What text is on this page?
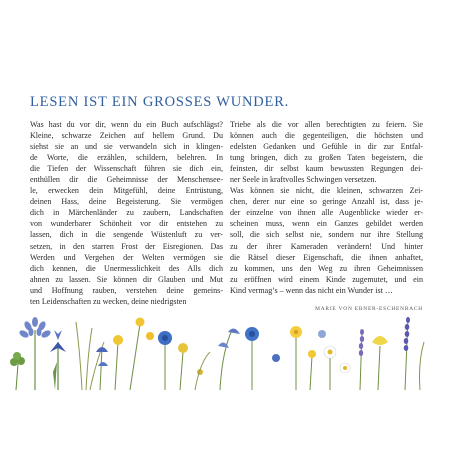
LESEN IST EIN GROSSES WUNDER.

Was hast du vor dir, wenn du ein Buch aufschlägst?
Kleine, schwarze Zeichen auf hellem Grund. Du
siehst sie an und sie verwandeln sich in klingen-
de Worte, die erzählen, schildern, belehren. In
die Tiefen der Wissenschaft führen sie dich ein,
enthüllen dir die Geheimnisse der Menschensee-
le, erwecken dein Mitgefühl, deine Entrüstung,
deinen Hass, deine Begeisterung. Sie vermögen
dich in Märchenländer zu zaubern, Landschaften
von wunderbarer Schönheit vor dir entstehen zu
lassen, dich in die sengende Wüstenluft zu ver-
setzen, in den starren Frost der Eisregionen. Das
Werden und Vergehen der Welten vermögen sie
dich kennen, die Unermesslichkeit des Alls dich
ahnen zu lassen. Sie können dir Glauben und Mut
und Hoffnung rauben, verstehen deine gemeins-
ten Leidenschaften zu wecken, deine niedrigsten

Triebe als die vor allen berechtigten zu feiern. Sie
können auch die gegenteiligen, die höchsten und
edelsten Gedanken und Gefühle in dir zur Entfal-
tung bringen, dich zu großen Taten begeistern, die
feinsten, dir selbst kaum bewussten Regungen dei-
ner Seele in kraftvolles Schwingen versetzen.
Was können sie nicht, die kleinen, schwarzen Zei-
chen, derer nur eine so geringe Anzahl ist, dass je-
der einzelne von ihnen alle Augenblicke wieder er-
scheinen muss, wenn ein Ganzes gebildet werden
soll, die sich selbst nie, sondern nur ihre Stellung
zu der ihrer Kameraden verändern! Und hinter
die Rätsel dieser Eigenschaft, die ihnen anhaftet,
zu kommen, uns den Weg zu ihren Geheimnissen
zu eröffnen wird einem Kinde zugemutet, und ein
Kind vermag’s – wenn das nicht ein Wunder ist …

MARIE VON EBNER-ESCHENBACH
